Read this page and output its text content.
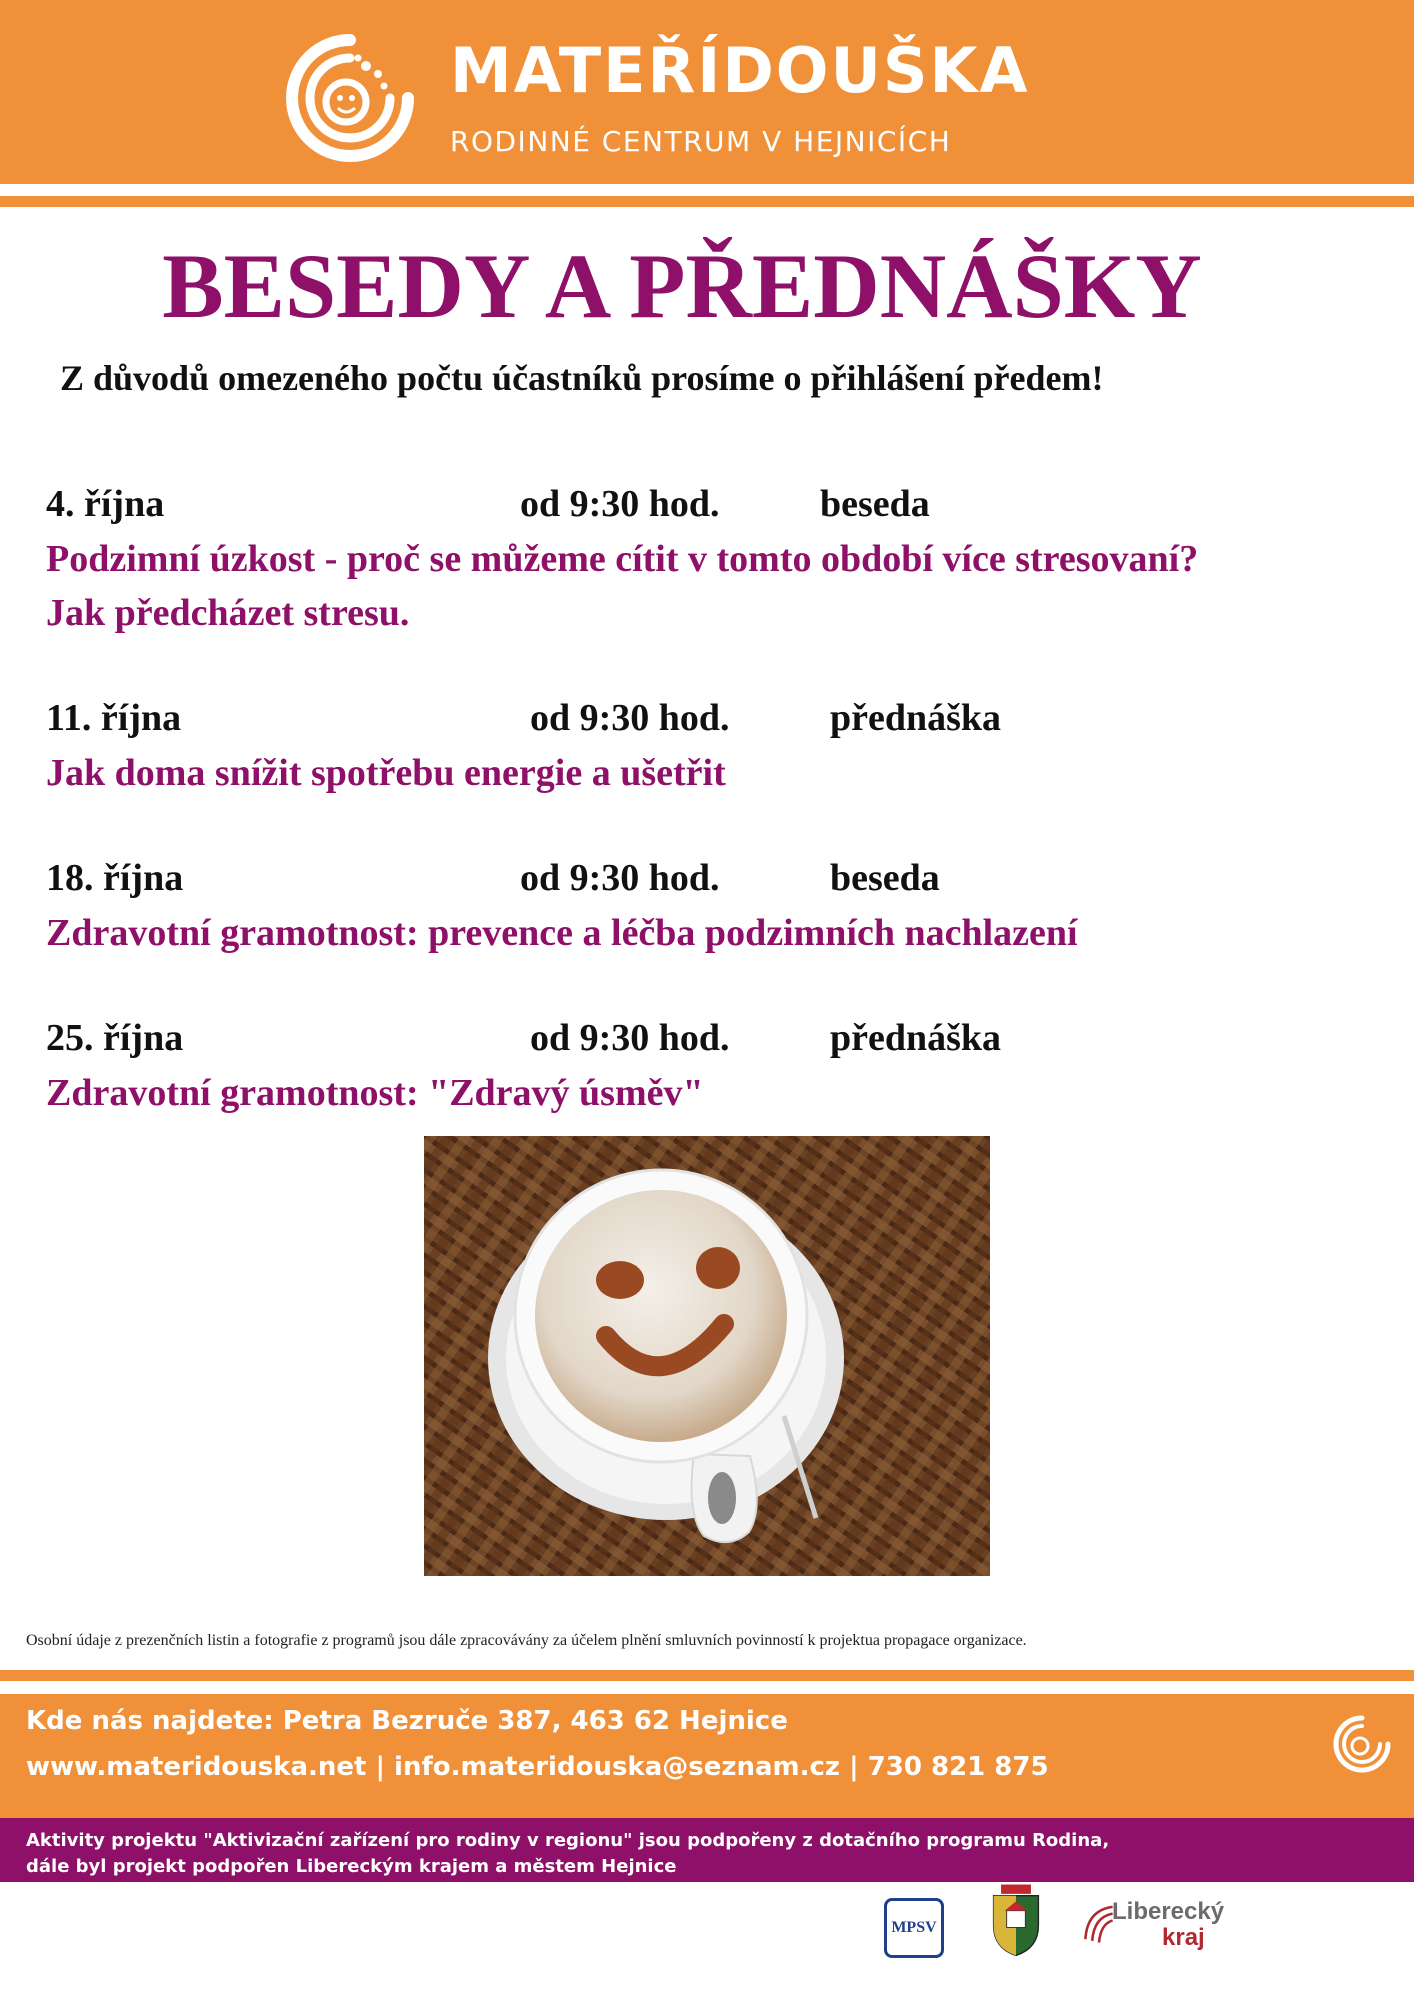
MATEŘÍDOUŠKA
RODINNÉ CENTRUM V HEJNICÍCH
BESEDY A PŘEDNÁŠKY
Z důvodů omezeného počtu účastníků prosíme o přihlášení předem!
4. října	od 9:30 hod.	beseda
Podzimní úzkost - proč se můžeme cítit v tomto období více stresovaní?
Jak předcházet stresu.
11. října	od 9:30 hod.	přednáška
Jak doma snížit spotřebu energie a ušetřit
18. října	od 9:30 hod.	beseda
Zdravotní gramotnost: prevence a léčba podzimních nachlazení
25. října	od 9:30 hod.	přednáška
Zdravotní gramotnost: "Zdravý úsměv"
Osobní údaje z prezenčních listin a fotografie z programů jsou dále zpracovávány za účelem plnění smluvních povinností k projektua propagace organizace.
Kde nás najdete: Petra Bezruče 387, 463 62 Hejnice
www.materidouska.net | info.materidouska@seznam.cz | 730 821 875
Aktivity projektu "Aktivizační zařízení pro rodiny v regionu" jsou podpořeny z dotačního programu Rodina,
dále byl projekt podpořen Libereckým krajem a městem Hejnice
MPSV
Liberecký
kraj
